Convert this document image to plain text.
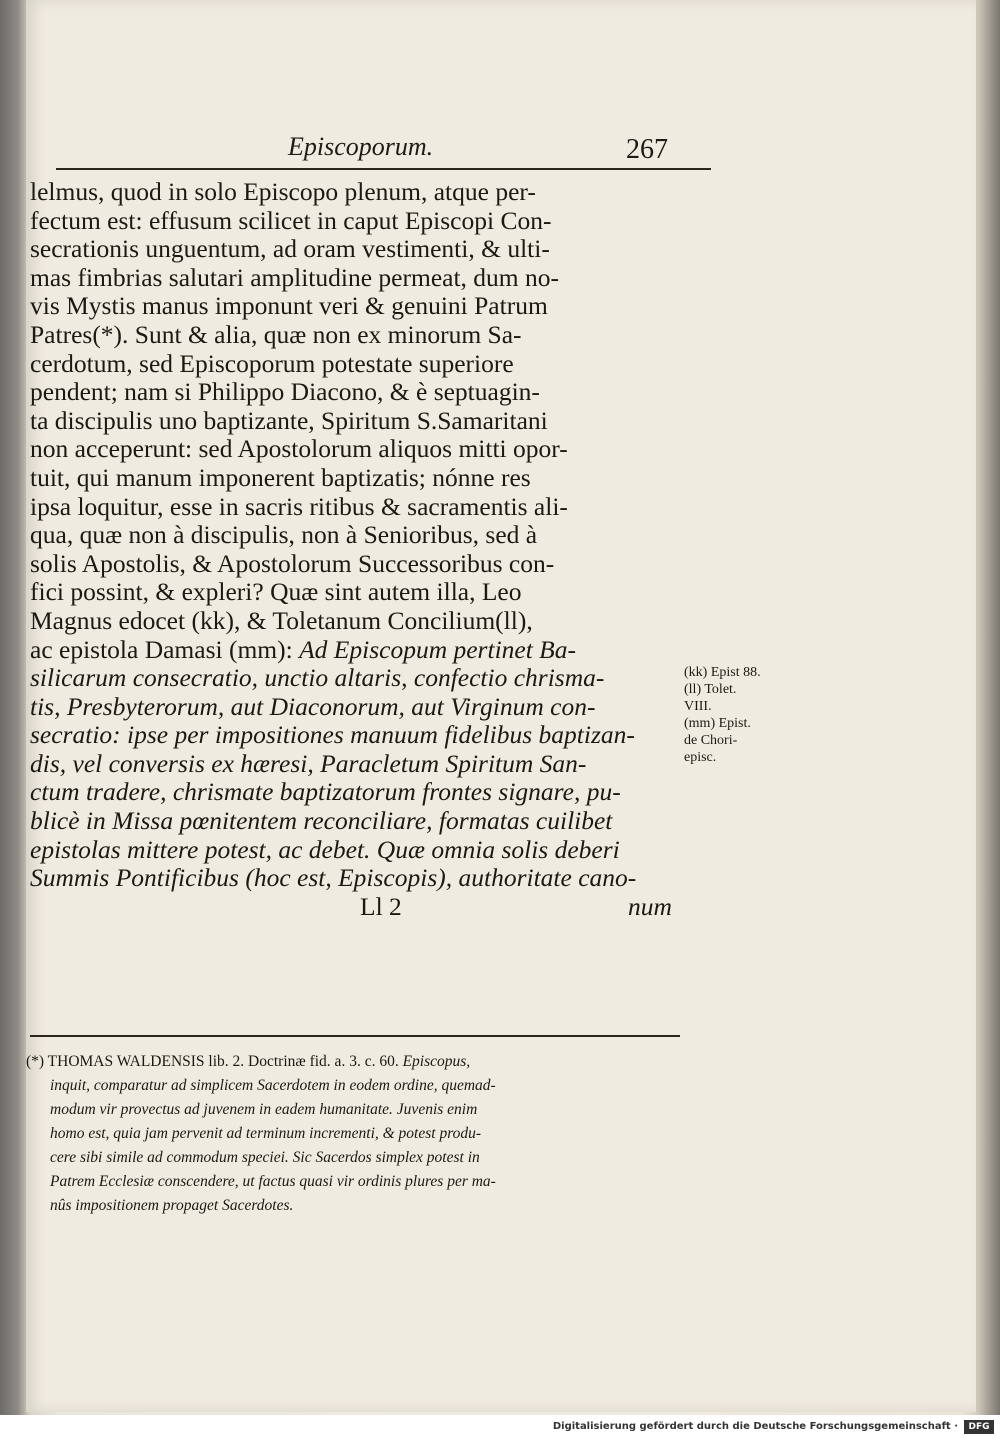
Episcoporum.	267
lelmus, quod in solo Episcopo plenum, atque per-
fectum est: effusum scilicet in caput Episcopi Con-
secrationis unguentum, ad oram vestimenti, & ulti-
mas fimbrias salutari amplitudine permeat, dum no-
vis Mystis manus imponunt veri & genuini Patrum
Patres(*). Sunt & alia, quæ non ex minorum Sa-
cerdotum, sed Episcoporum potestate superiore
pendent; nam si Philippo Diacono, & è septuagin-
ta discipulis uno baptizante, Spiritum S.Samaritani
non acceperunt: sed Apostolorum aliquos mitti opor-
tuit, qui manum imponerent baptizatis; nónne res
ipsa loquitur, esse in sacris ritibus & sacramentis ali-
qua, quæ non à discipulis, non à Senioribus, sed à
solis Apostolis, & Apostolorum Successoribus con-
fici possint, & expleri? Quæ sint autem illa, Leo
Magnus edocet (kk), & Toletanum Concilium(ll),
ac epistola Damasi (mm): Ad Episcopum pertinet Ba-
silicarum consecratio, unctio altaris, confectio chrisma-
tis, Presbyterorum, aut Diaconorum, aut Virginum con-
secratio: ipse per impositiones manuum fidelibus baptizan-
dis, vel conversis ex hæresi, Paracletum Spiritum San-
ctum tradere, chrismate baptizatorum frontes signare, pu-
blicè in Missa pœnitentem reconciliare, formatas cuilibet
epistolas mittere potest, ac debet. Quæ omnia solis deberi
Summis Pontificibus (hoc est, Episcopis), authoritate cano-
Ll 2	num
(kk) Epist 88.
(ll) Tolet.
VIII.
(mm) Epist.
de Chori-
episc.
(*) THOMAS WALDENSIS lib. 2. Doctrinæ fid. a. 3. c. 60. Episcopus,
inquit, comparatur ad simplicem Sacerdotem in eodem ordine, quemad-
modum vir provectus ad juvenem in eadem humanitate. Juvenis enim
homo est, quia jam pervenit ad terminum incrementi, & potest produ-
cere sibi simile ad commodum speciei. Sic Sacerdos simplex potest in
Patrem Ecclesiæ conscendere, ut factus quasi vir ordinis plures per ma-
nûs impositionem propaget Sacerdotes.
Digitalisierung gefördert durch die Deutsche Forschungsgemeinschaft ·	DFG
